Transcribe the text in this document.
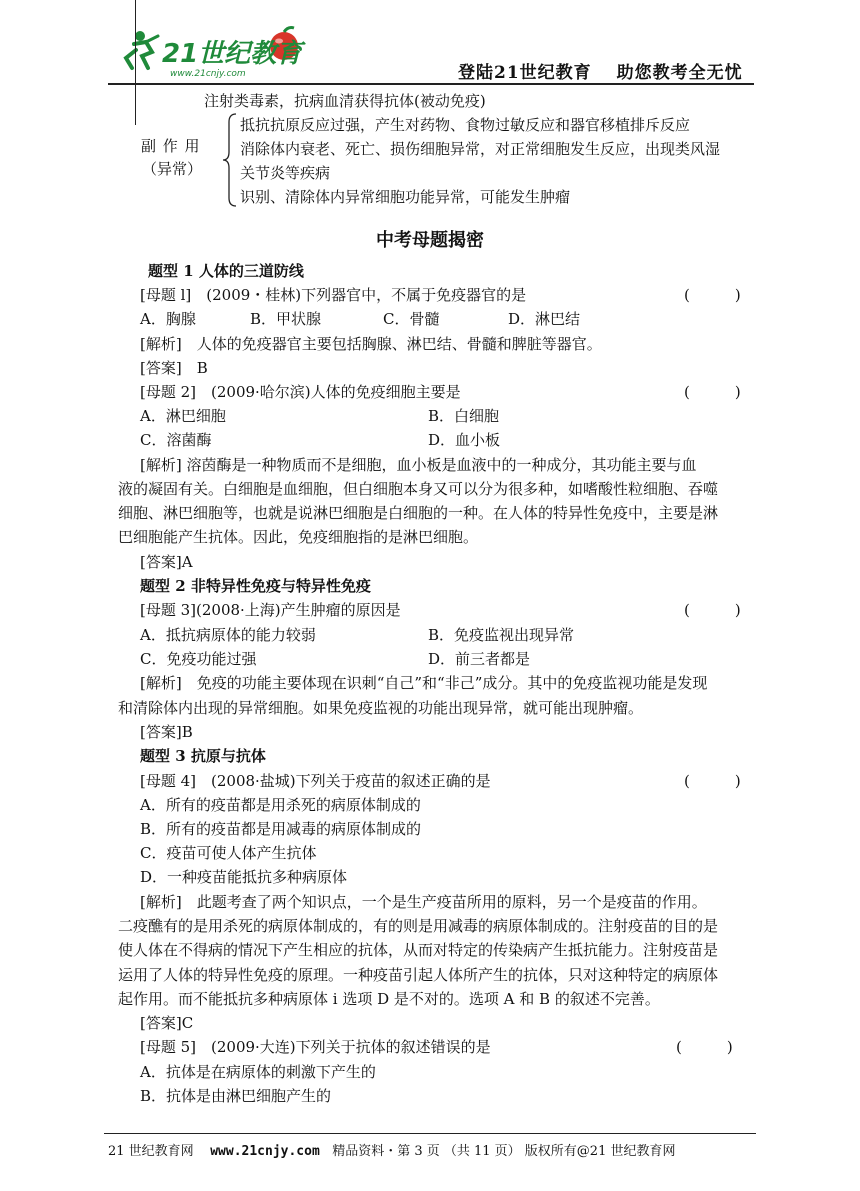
21世纪教育
www.21cnjy.com	登陆21世纪教育　 助您教考全无忧
注射类毒素，抗病血清获得抗体(被动免疫)
副 作 用
（异常）
抵抗抗原反应过强，产生对药物、食物过敏反应和器官移植排斥反应
消除体内衰老、死亡、损伤细胞异常，对正常细胞发生反应，出现类风湿
关节炎等疾病
识别、清除体内异常细胞功能异常，可能发生肿瘤
中考母题揭密
题型 1 人体的三道防线
[母题 l]　(2009・桂林)下列器官中，不属于免疫器官的是	(　　　)
A．胸腺	B．甲状腺	C．骨髓	D．淋巴结
[解析]　人体的免疫器官主要包括胸腺、淋巴结、骨髓和脾脏等器官。
[答案]　B
[母题 2]　(2009·哈尔滨)人体的免疫细胞主要是	(　　　)
A．淋巴细胞	B．白细胞
C．溶菌酶	D．血小板
[解析] 溶茵酶是一种物质而不是细胞，血小板是血液中的一种成分，其功能主要与血
液的凝固有关。白细胞是血细胞，但白细胞本身又可以分为很多种，如嗜酸性粒细胞、吞噬
细胞、淋巴细胞等，也就是说淋巴细胞是白细胞的一种。在人体的特异性免疫中，主要是淋
巴细胞能产生抗体。因此，免疫细胞指的是淋巴细胞。
[答案]A
题型 2 非特异性免疫与特异性免疫
[母题 3](2008·上海)产生肿瘤的原因是	(　　　)
A．抵抗病原体的能力较弱	B．免疫监视出现异常
C．免疫功能过强	D．前三者都是
[解析]　免疫的功能主要体现在识刺“自己”和“非己”成分。其中的免疫监视功能是发现
和清除体内出现的异常细胞。如果免疫监视的功能出现异常，就可能出现肿瘤。
[答案]B
题型 3 抗原与抗体
[母题 4]　(2008·盐城)下列关于疫苗的叙述正确的是	(　　　)
A．所有的疫苗都是用杀死的病原体制成的
B．所有的疫苗都是用减毒的病原体制成的
C．疫苗可使人体产生抗体
D．一种疫苗能抵抗多种病原体
[解析]　此题考查了两个知识点，一个是生产疫苗所用的原料，另一个是疫苗的作用。
二疫醮有的是用杀死的病原体制成的，有的则是用减毒的病原体制成的。注射疫苗的目的是
使人体在不得病的情况下产生相应的抗体，从而对特定的传染病产生抵抗能力。注射疫苗是
运用了人体的特异性免疫的原理。一种疫苗引起人体所产生的抗体，只对这种特定的病原体
起作用。而不能抵抗多种病原体 i 选项 D 是不对的。选项 A 和 B 的叙述不完善。
[答案]C
[母题 5]　(2009·大连)下列关于抗体的叙述错误的是	(　　　)
A．抗体是在病原体的刺激下产生的
B．抗体是由淋巴细胞产生的
21 世纪教育网 www.21cnjy.com 精品资料・第 3 页 （共 11 页） 版权所有@21 世纪教育网
